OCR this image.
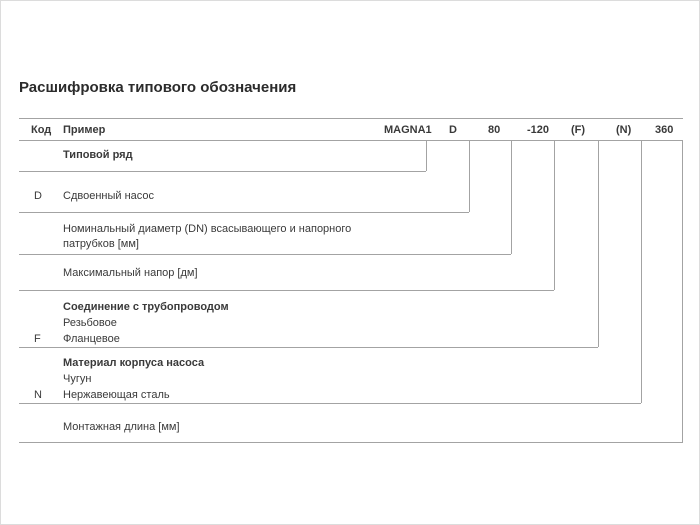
Расшифровка типового обозначения
Код Пример	MAGNA1 D	80 -120 (F)	(N) 360
Типовой ряд
D Сдвоенный насос
Номинальный диаметр (DN) всасывающего и напорного патрубков [мм]
Максимальный напор [дм]
Соединение с трубопроводом
Резьбовое
F Фланцевое
Материал корпуса насоса
Чугун
N Нержавеющая сталь
Монтажная длина [мм]
